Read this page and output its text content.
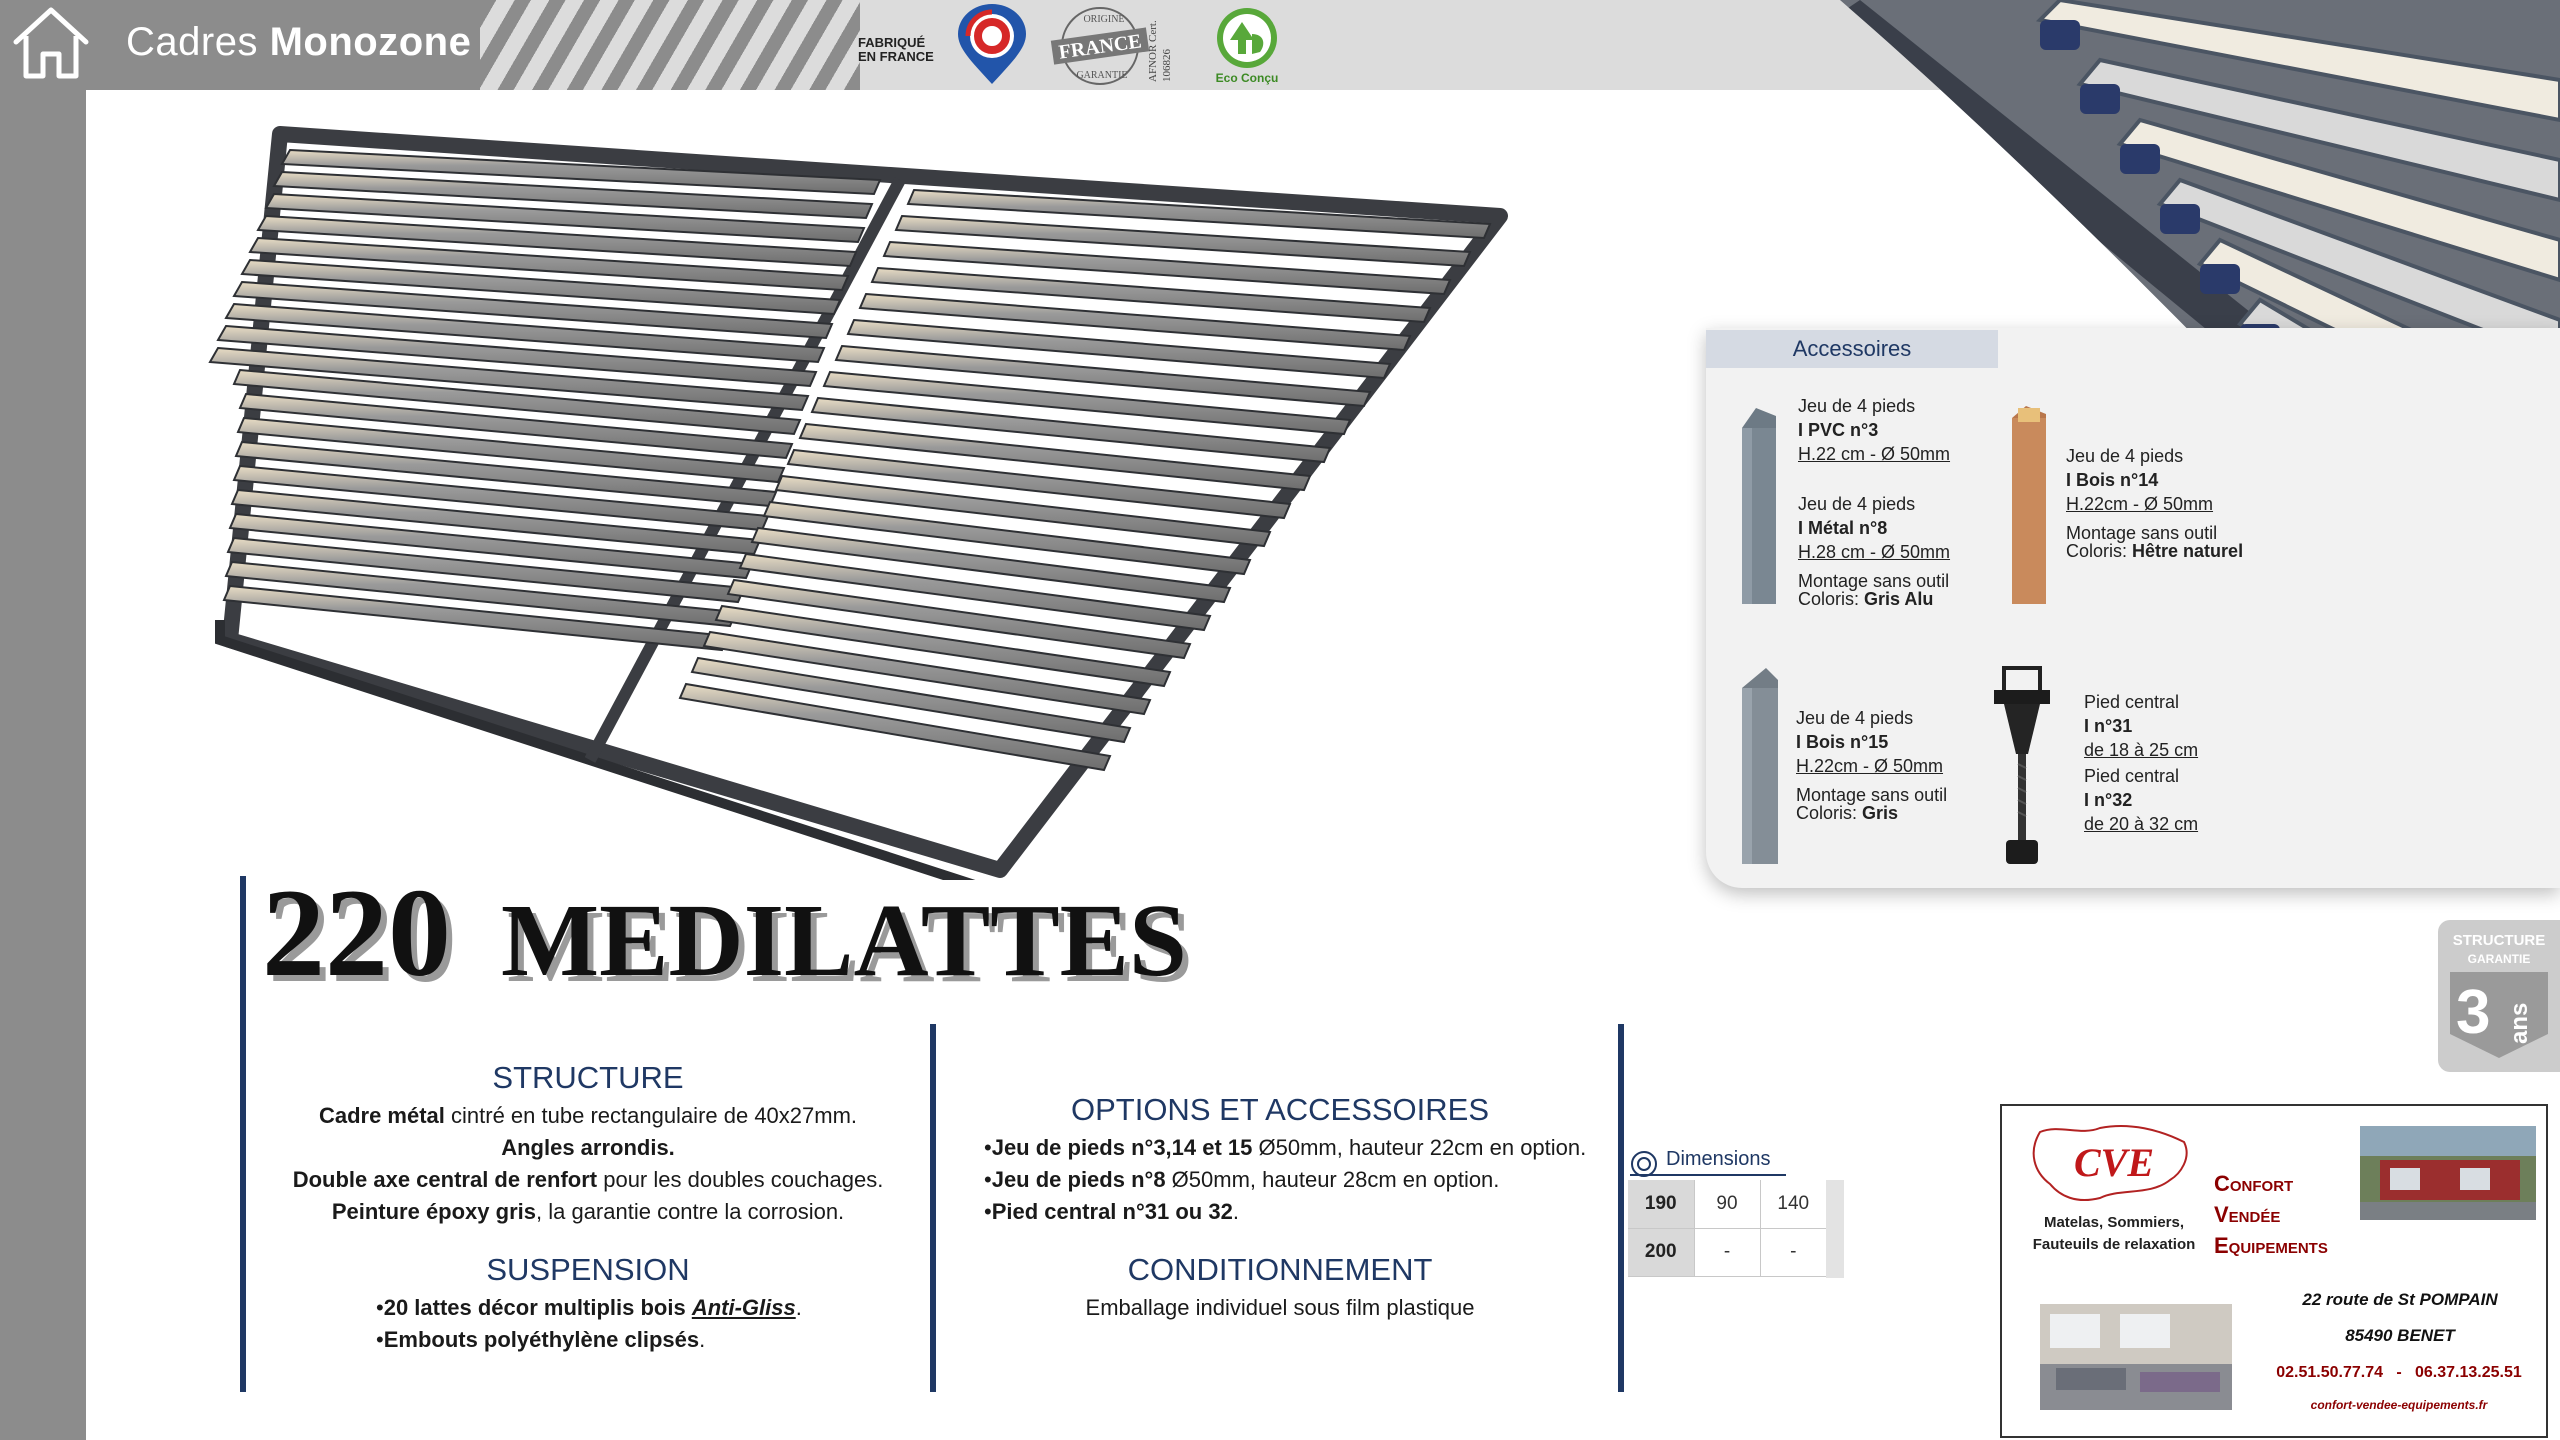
Cadres Monozone	FABRIQUÉ
EN FRANCE	FRANCE
ORIGINE
GARANTIE AFNOR Cert. 106826	Eco Conçu
Accessoires
Jeu de 4 pieds
I PVC n°3
H.22 cm - Ø 50mm
Jeu de 4 pieds
I Métal n°8
H.28 cm - Ø 50mm
Montage sans outil
Coloris: Gris Alu
Jeu de 4 pieds
I Bois n°14
H.22cm - Ø 50mm
Montage sans outil
Coloris: Hêtre naturel
Jeu de 4 pieds
I Bois n°15
H.22cm - Ø 50mm
Montage sans outil
Coloris: Gris
Pied central
I n°31
de 18 à 25 cm
Pied central
I n°32
de 20 à 32 cm
STRUCTURE
GARANTIE
3 ans
220 MEDILATTES
STRUCTURE
Cadre métal cintré en tube rectangulaire de 40x27mm.
Angles arrondis.
Double axe central de renfort pour les doubles couchages.
Peinture époxy gris, la garantie contre la corrosion.
SUSPENSION
• 20 lattes décor multiplis bois Anti-Gliss.
• Embouts polyéthylène clipsés.
OPTIONS ET ACCESSOIRES
• Jeu de pieds n°3,14 et 15 Ø50mm, hauteur 22cm en option.
• Jeu de pieds n°8 Ø50mm, hauteur 28cm en option.
• Pied central n°31 ou 32.
CONDITIONNEMENT
Emballage individuel sous film plastique
Dimensions
190	90	140
200	-	-
CVE
Matelas, Sommiers,
Fauteuils de relaxation
Confort
Vendée
Equipements
22 route de St POMPAIN
85490 BENET
02.51.50.77.74   -   06.37.13.25.51
confort-vendee-equipements.fr
